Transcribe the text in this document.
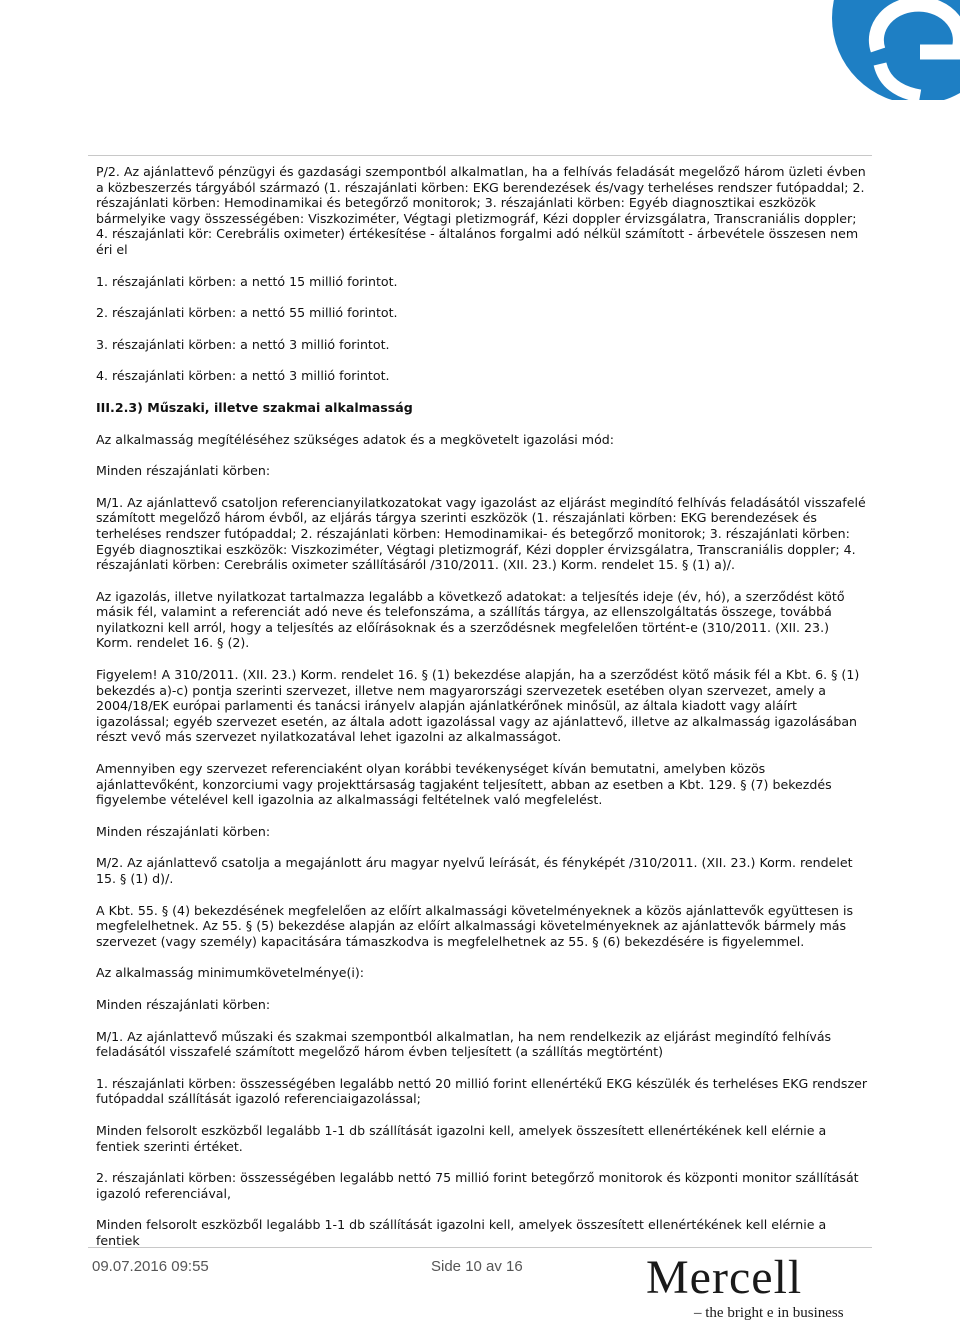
P/2. Az ajánlattevő pénzügyi és gazdasági szempontból alkalmatlan, ha a felhívás feladását megelőző három üzleti évben a közbeszerzés tárgyából származó (1. részajánlati körben: EKG berendezések és/vagy terheléses rendszer futópaddal; 2. részajánlati körben: Hemodinamikai és betegőrző monitorok; 3. részajánlati körben: Egyéb diagnosztikai eszközök bármelyike vagy összességében: Viszkoziméter, Végtagi pletizmográf, Kézi doppler érvizsgálatra, Transcraniális doppler; 4. részajánlati kör: Cerebrális oximeter) értékesítése - általános forgalmi adó nélkül számított - árbevétele összesen nem éri el

1. részajánlati körben: a nettó 15 millió forintot.

2. részajánlati körben: a nettó 55 millió forintot.

3. részajánlati körben: a nettó 3 millió forintot.

4. részajánlati körben: a nettó 3 millió forintot.

III.2.3) Műszaki, illetve szakmai alkalmasság

Az alkalmasság megítéléséhez szükséges adatok és a megkövetelt igazolási mód:

Minden részajánlati körben:

M/1. Az ajánlattevő csatoljon referencianyilatkozatokat vagy igazolást az eljárást megindító felhívás feladásától visszafelé számított megelőző három évből, az eljárás tárgya szerinti eszközök (1. részajánlati körben: EKG berendezések és terheléses rendszer futópaddal; 2. részajánlati körben: Hemodinamikai- és betegőrző monitorok; 3. részajánlati körben: Egyéb diagnosztikai eszközök: Viszkoziméter, Végtagi pletizmográf, Kézi doppler érvizsgálatra, Transcraniális doppler; 4. részajánlati körben: Cerebrális oximeter szállításáról /310/2011. (XII. 23.) Korm. rendelet 15. § (1) a)/.

Az igazolás, illetve nyilatkozat tartalmazza legalább a következő adatokat: a teljesítés ideje (év, hó), a szerződést kötő másik fél, valamint a referenciát adó neve és telefonszáma, a szállítás tárgya, az ellenszolgáltatás összege, továbbá nyilatkozni kell arról, hogy a teljesítés az előírásoknak és a szerződésnek megfelelően történt-e (310/2011. (XII. 23.) Korm. rendelet 16. § (2).

Figyelem! A 310/2011. (XII. 23.) Korm. rendelet 16. § (1) bekezdése alapján, ha a szerződést kötő másik fél a Kbt. 6. § (1) bekezdés a)-c) pontja szerinti szervezet, illetve nem magyarországi szervezetek esetében olyan szervezet, amely a 2004/18/EK európai parlamenti és tanácsi irányelv alapján ajánlatkérőnek minősül, az általa kiadott vagy aláírt igazolással; egyéb szervezet esetén, az általa adott igazolással vagy az ajánlattevő, illetve az alkalmasság igazolásában részt vevő más szervezet nyilatkozatával lehet igazolni az alkalmasságot.

Amennyiben egy szervezet referenciaként olyan korábbi tevékenységet kíván bemutatni, amelyben közös ajánlattevőként, konzorciumi vagy projekttársaság tagjaként teljesített, abban az esetben a Kbt. 129. § (7) bekezdés figyelembe vételével kell igazolnia az alkalmassági feltételnek való megfelelést.

Minden részajánlati körben:

M/2. Az ajánlattevő csatolja a megajánlott áru magyar nyelvű leírását, és fényképét /310/2011. (XII. 23.) Korm. rendelet 15. § (1) d)/.

A Kbt. 55. § (4) bekezdésének megfelelően az előírt alkalmassági követelményeknek a közös ajánlattevők együttesen is megfelelhetnek. Az 55. § (5) bekezdése alapján az előírt alkalmassági követelményeknek az ajánlattevők bármely más szervezet (vagy személy) kapacitására támaszkodva is megfelelhetnek az 55. § (6) bekezdésére is figyelemmel.

Az alkalmasság minimumkövetelménye(i):

Minden részajánlati körben:

M/1. Az ajánlattevő műszaki és szakmai szempontból alkalmatlan, ha nem rendelkezik az eljárást megindító felhívás feladásától visszafelé számított megelőző három évben teljesített (a szállítás megtörtént)

1. részajánlati körben: összességében legalább nettó 20 millió forint ellenértékű EKG készülék és terheléses EKG rendszer futópaddal szállítását igazoló referenciaigazolással;

Minden felsorolt eszközből legalább 1-1 db szállítását igazolni kell, amelyek összesített ellenértékének kell elérnie a fentiek szerinti értéket.

2. részajánlati körben: összességében legalább nettó 75 millió forint betegőrző monitorok és központi monitor szállítását igazoló referenciával,

Minden felsorolt eszközből legalább 1-1 db szállítását igazolni kell, amelyek összesített ellenértékének kell elérnie a fentiek

09.07.2016 09:55	Side 10 av 16	Mercell
– the bright e in business
